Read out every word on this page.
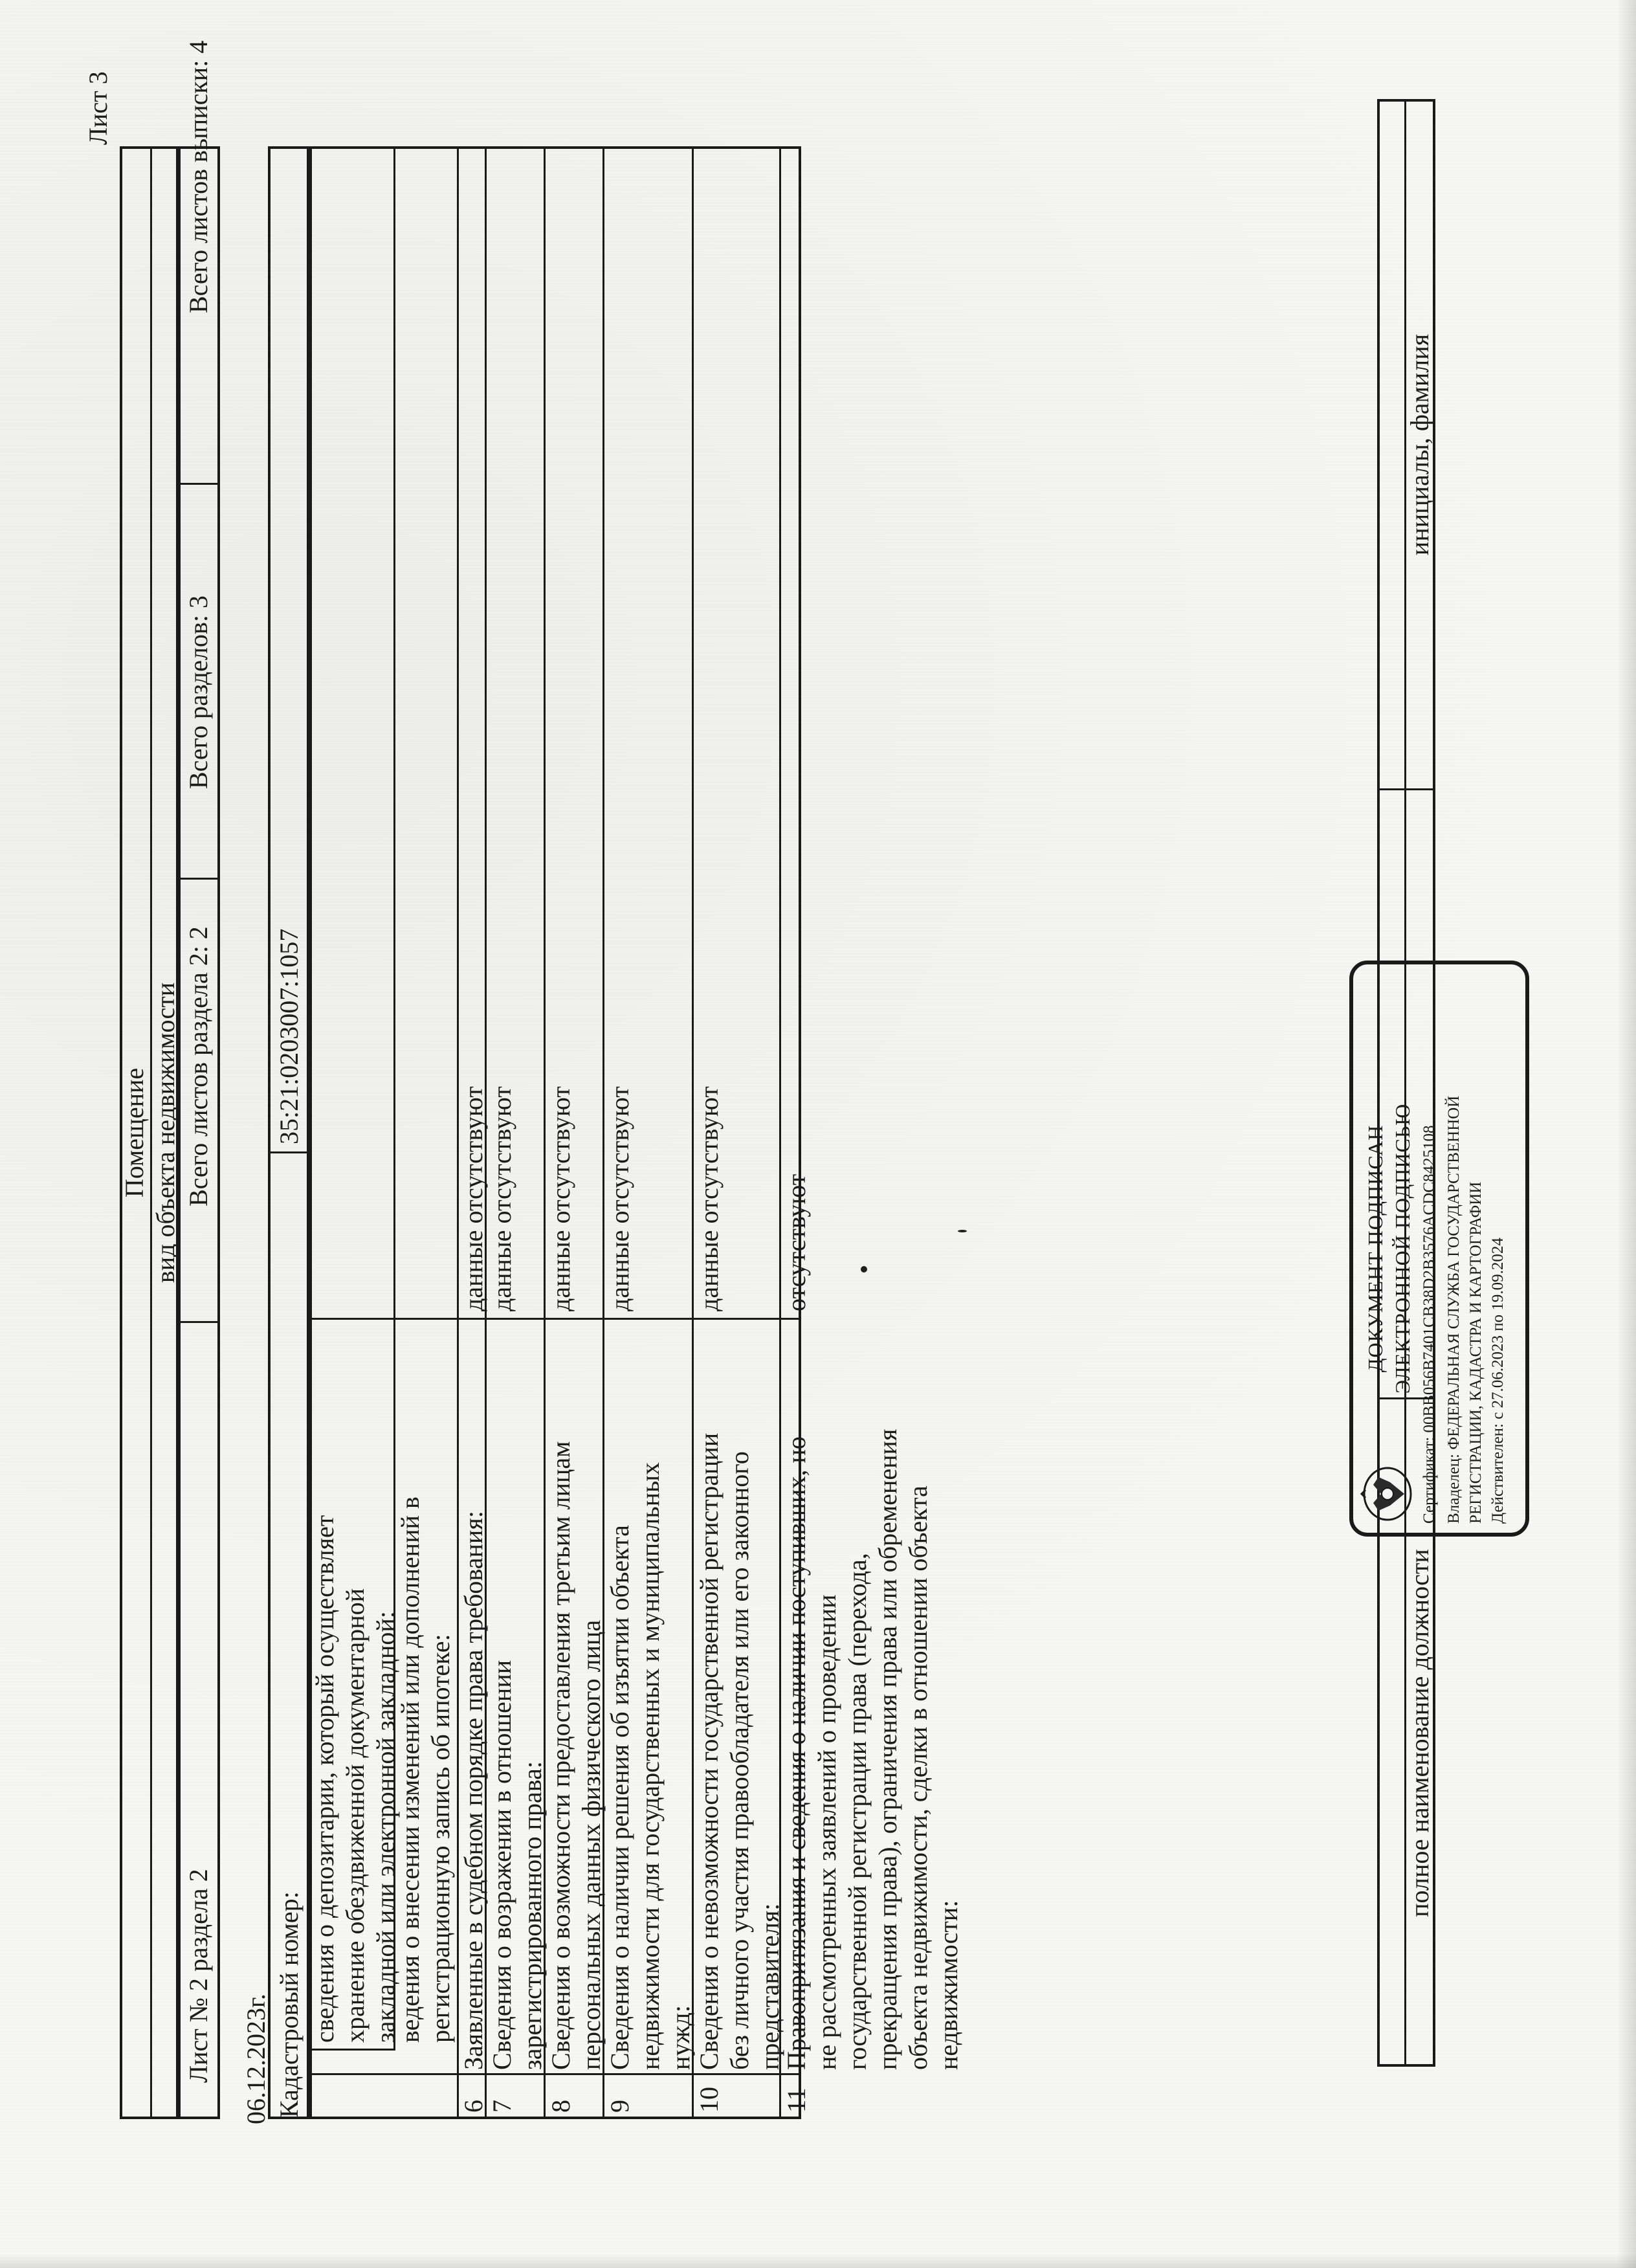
Лист 3
Помещение вид объекта недвижимости
Лист № 2 раздела 2
Всего листов раздела 2: 2
Всего разделов: 3
Всего листов выписки: 4
06.12.2023г. Кадастровый номер:
35:21:0203007:1057
сведения о депозитарии, который осуществляет
хранение обездвиженной документарной
закладной или электронной закладной:
ведения о внесении изменений или дополнений в
регистрационную запись об ипотеке:
6
Заявленные в судебном порядке права требования:
данные отсутствуют
7
Сведения о возражении в отношении
зарегистрированного права:
данные отсутствуют
8
Сведения о возможности предоставления третьим лицам
персональных данных физического лица
данные отсутствуют
9
Сведения о наличии решения об изъятии объекта
недвижимости для государственных и муниципальных
нужд:
данные отсутствуют
10
Сведения о невозможности государственной регистрации
без личного участия правообладателя или его законного
представителя:
данные отсутствуют
11
Правопритязания и сведения о наличии поступивших, но
не рассмотренных заявлений о проведении
государственной регистрации права (перехода,
прекращения права), ограничения права или обременения
объекта недвижимости, сделки в отношении объекта
недвижимости:
отсутствуют
полное наименование должности
инициалы, фамилия
ДОКУМЕНТ ПОДПИСАН ЭЛЕКТРОННОЙ ПОДПИСЬЮ Сертификат: 00BB056B7401CB38D2B3576ACDC8425108 Владелец: ФЕДЕРАЛЬНАЯ СЛУЖБА ГОСУДАРСТВЕННОЙ РЕГИСТРАЦИИ, КАДАСТРА И КАРТОГРАФИИ Действителен: с 27.06.2023 по 19.09.2024
